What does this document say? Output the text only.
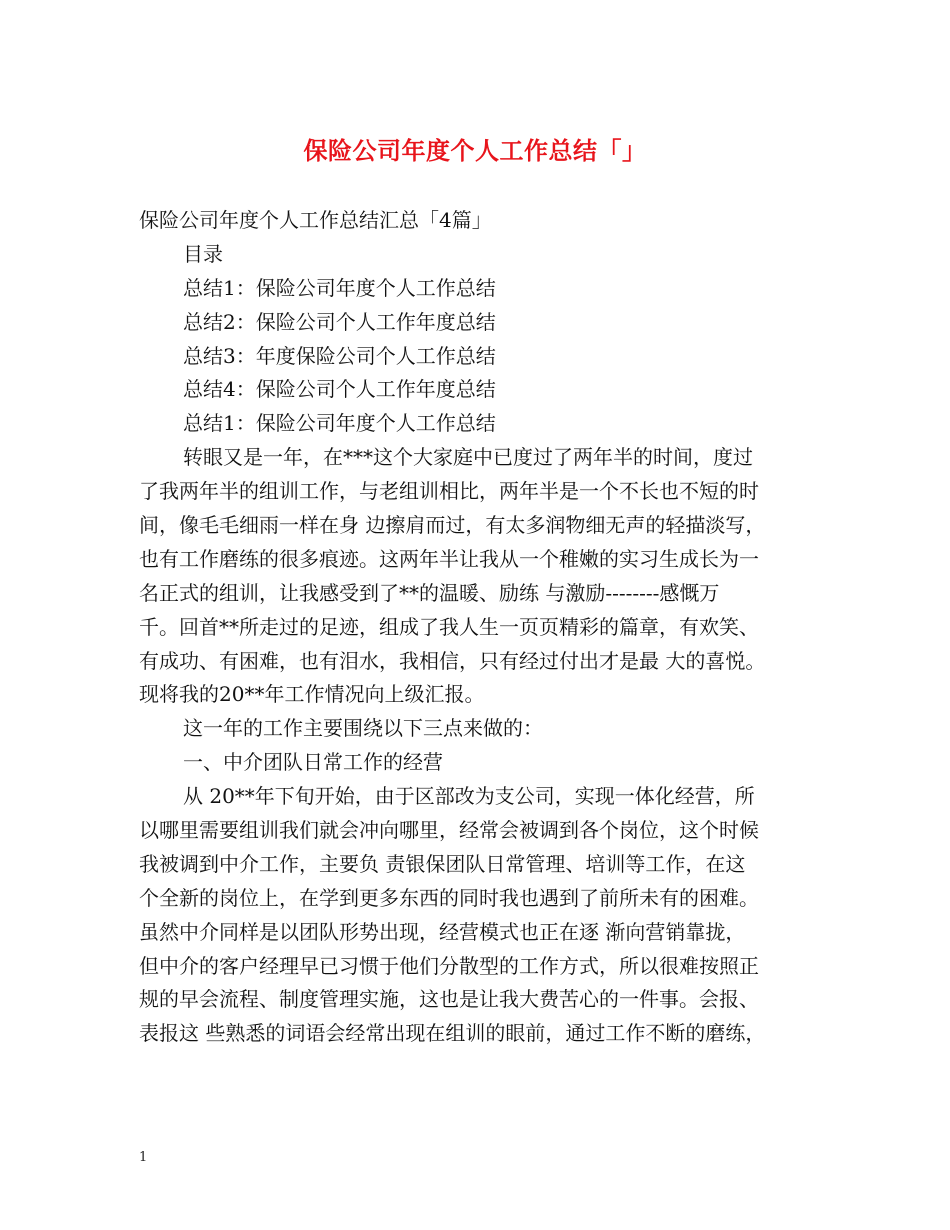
保险公司年度个人工作总结「」
保险公司年度个人工作总结汇总「4篇」
目录
总结1：保险公司年度个人工作总结
总结2：保险公司个人工作年度总结
总结3：年度保险公司个人工作总结
总结4：保险公司个人工作年度总结
总结1：保险公司年度个人工作总结
转眼又是一年，在***这个大家庭中已度过了两年半的时间，度过
了我两年半的组训工作，与老组训相比，两年半是一个不长也不短的时
间，像毛毛细雨一样在身 边擦肩而过，有太多润物细无声的轻描淡写，
也有工作磨练的很多痕迹。这两年半让我从一个稚嫩的实习生成长为一
名正式的组训，让我感受到了**的温暖、励练 与激励--------感慨万
千。回首**所走过的足迹，组成了我人生一页页精彩的篇章，有欢笑、
有成功、有困难，也有泪水，我相信，只有经过付出才是最 大的喜悦。
现将我的20**年工作情况向上级汇报。
这一年的工作主要围绕以下三点来做的：
一、中介团队日常工作的经营
从 20**年下旬开始，由于区部改为支公司，实现一体化经营，所
以哪里需要组训我们就会冲向哪里，经常会被调到各个岗位，这个时候
我被调到中介工作，主要负 责银保团队日常管理、培训等工作，在这
个全新的岗位上，在学到更多东西的同时我也遇到了前所未有的困难。
虽然中介同样是以团队形势出现，经营模式也正在逐 渐向营销靠拢，
但中介的客户经理早已习惯于他们分散型的工作方式，所以很难按照正
规的早会流程、制度管理实施，这也是让我大费苦心的一件事。会报、
表报这 些熟悉的词语会经常出现在组训的眼前，通过工作不断的磨练，
1
